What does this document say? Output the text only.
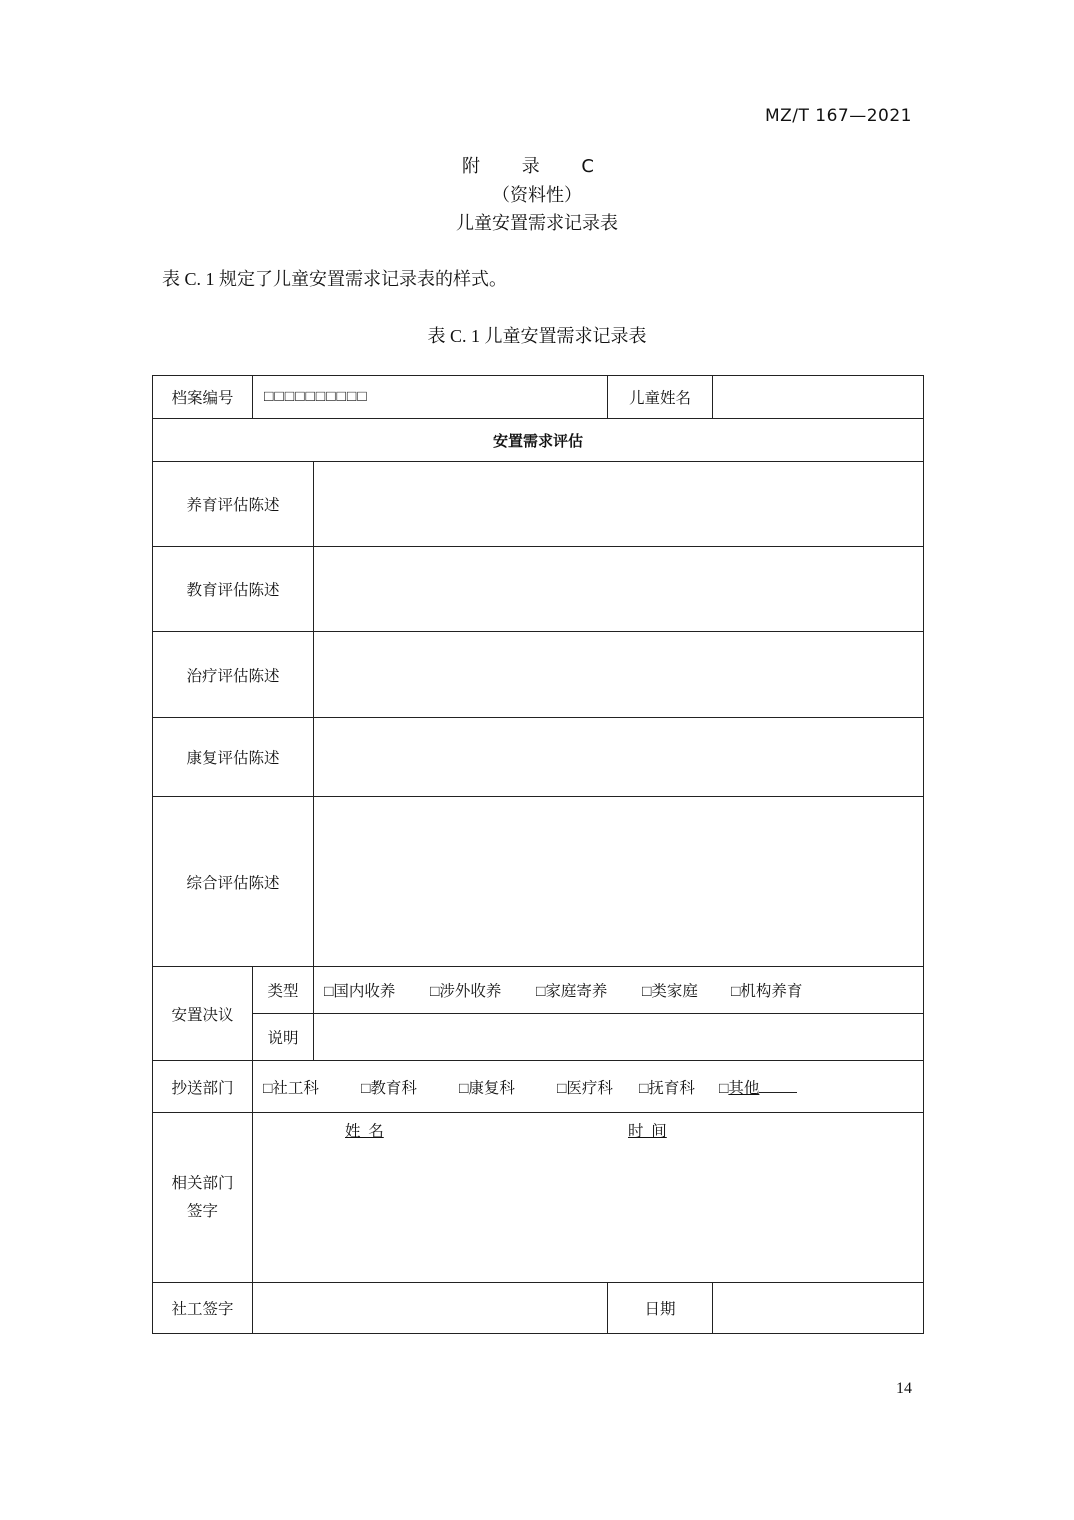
MZ/T 167—2021
附 录 C
（资料性）
儿童安置需求记录表
表 C. 1 规定了儿童安置需求记录表的样式。
表 C. 1 儿童安置需求记录表
档案编号	□□□□□□□□□□		儿童姓名	
安置需求评估				
养育评估陈述				
教育评估陈述				
治疗评估陈述				
康复评估陈述				
综合评估陈述				
安置决议	类型	□国内收养 □涉外收养 □家庭寄养 □类家庭 □机构养育		
	说明			
抄送部门	□社工科 □教育科 □康复科 □医疗科 □抚育科 □其他			
相关部门
签字	姓  名 时  间			

社工签字			日期	
14
